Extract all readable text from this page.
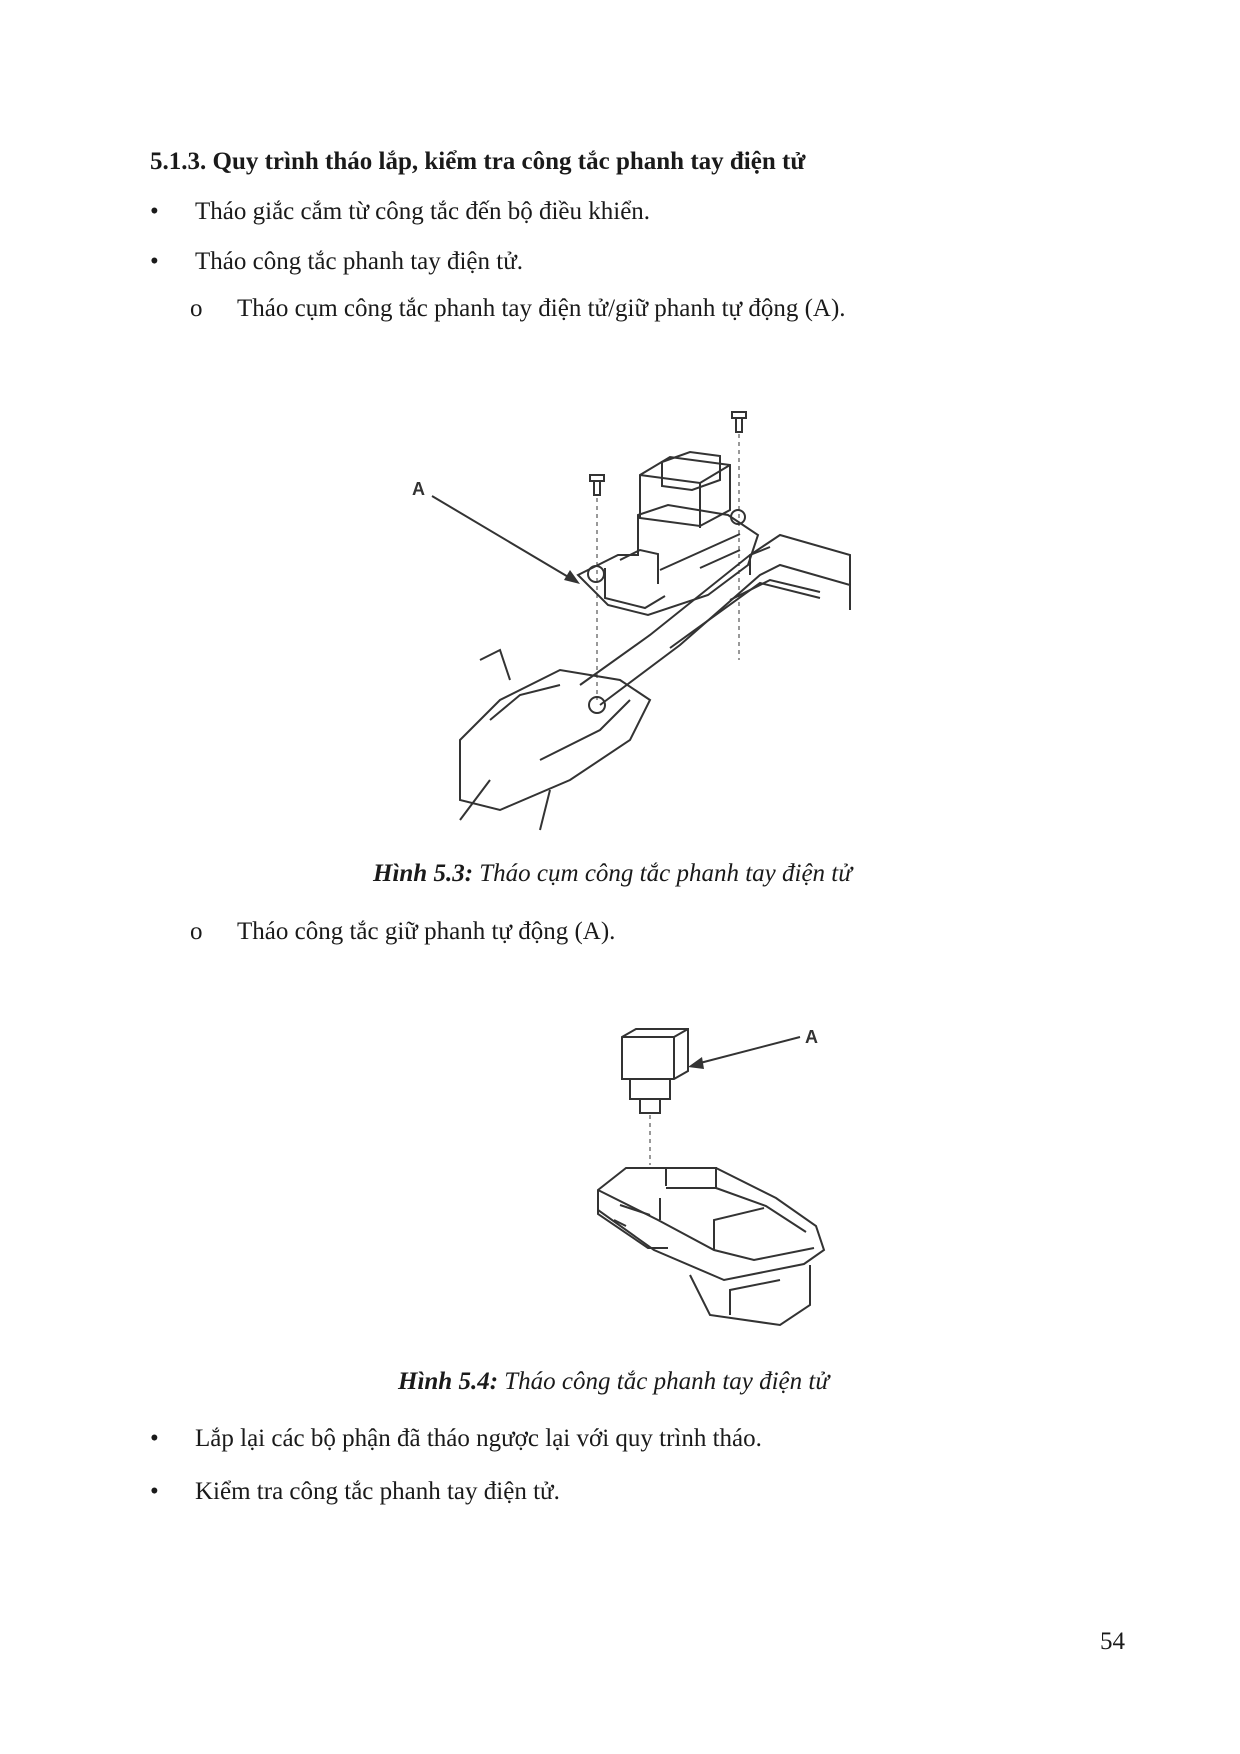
5.1.3. Quy trình tháo lắp, kiểm tra công tắc phanh tay điện tử
•	Tháo giắc cắm từ công tắc đến bộ điều khiển.
•	Tháo công tắc phanh tay điện tử.
o Tháo cụm công tắc phanh tay điện tử/giữ phanh tự động (A).
A
Hình 5.3: Tháo cụm công tắc phanh tay điện tử
o Tháo công tắc giữ phanh tự động (A).
A
Hình 5.4: Tháo công tắc phanh tay điện tử
•	Lắp lại các bộ phận đã tháo ngược lại với quy trình tháo.
•	Kiểm tra công tắc phanh tay điện tử.
54
